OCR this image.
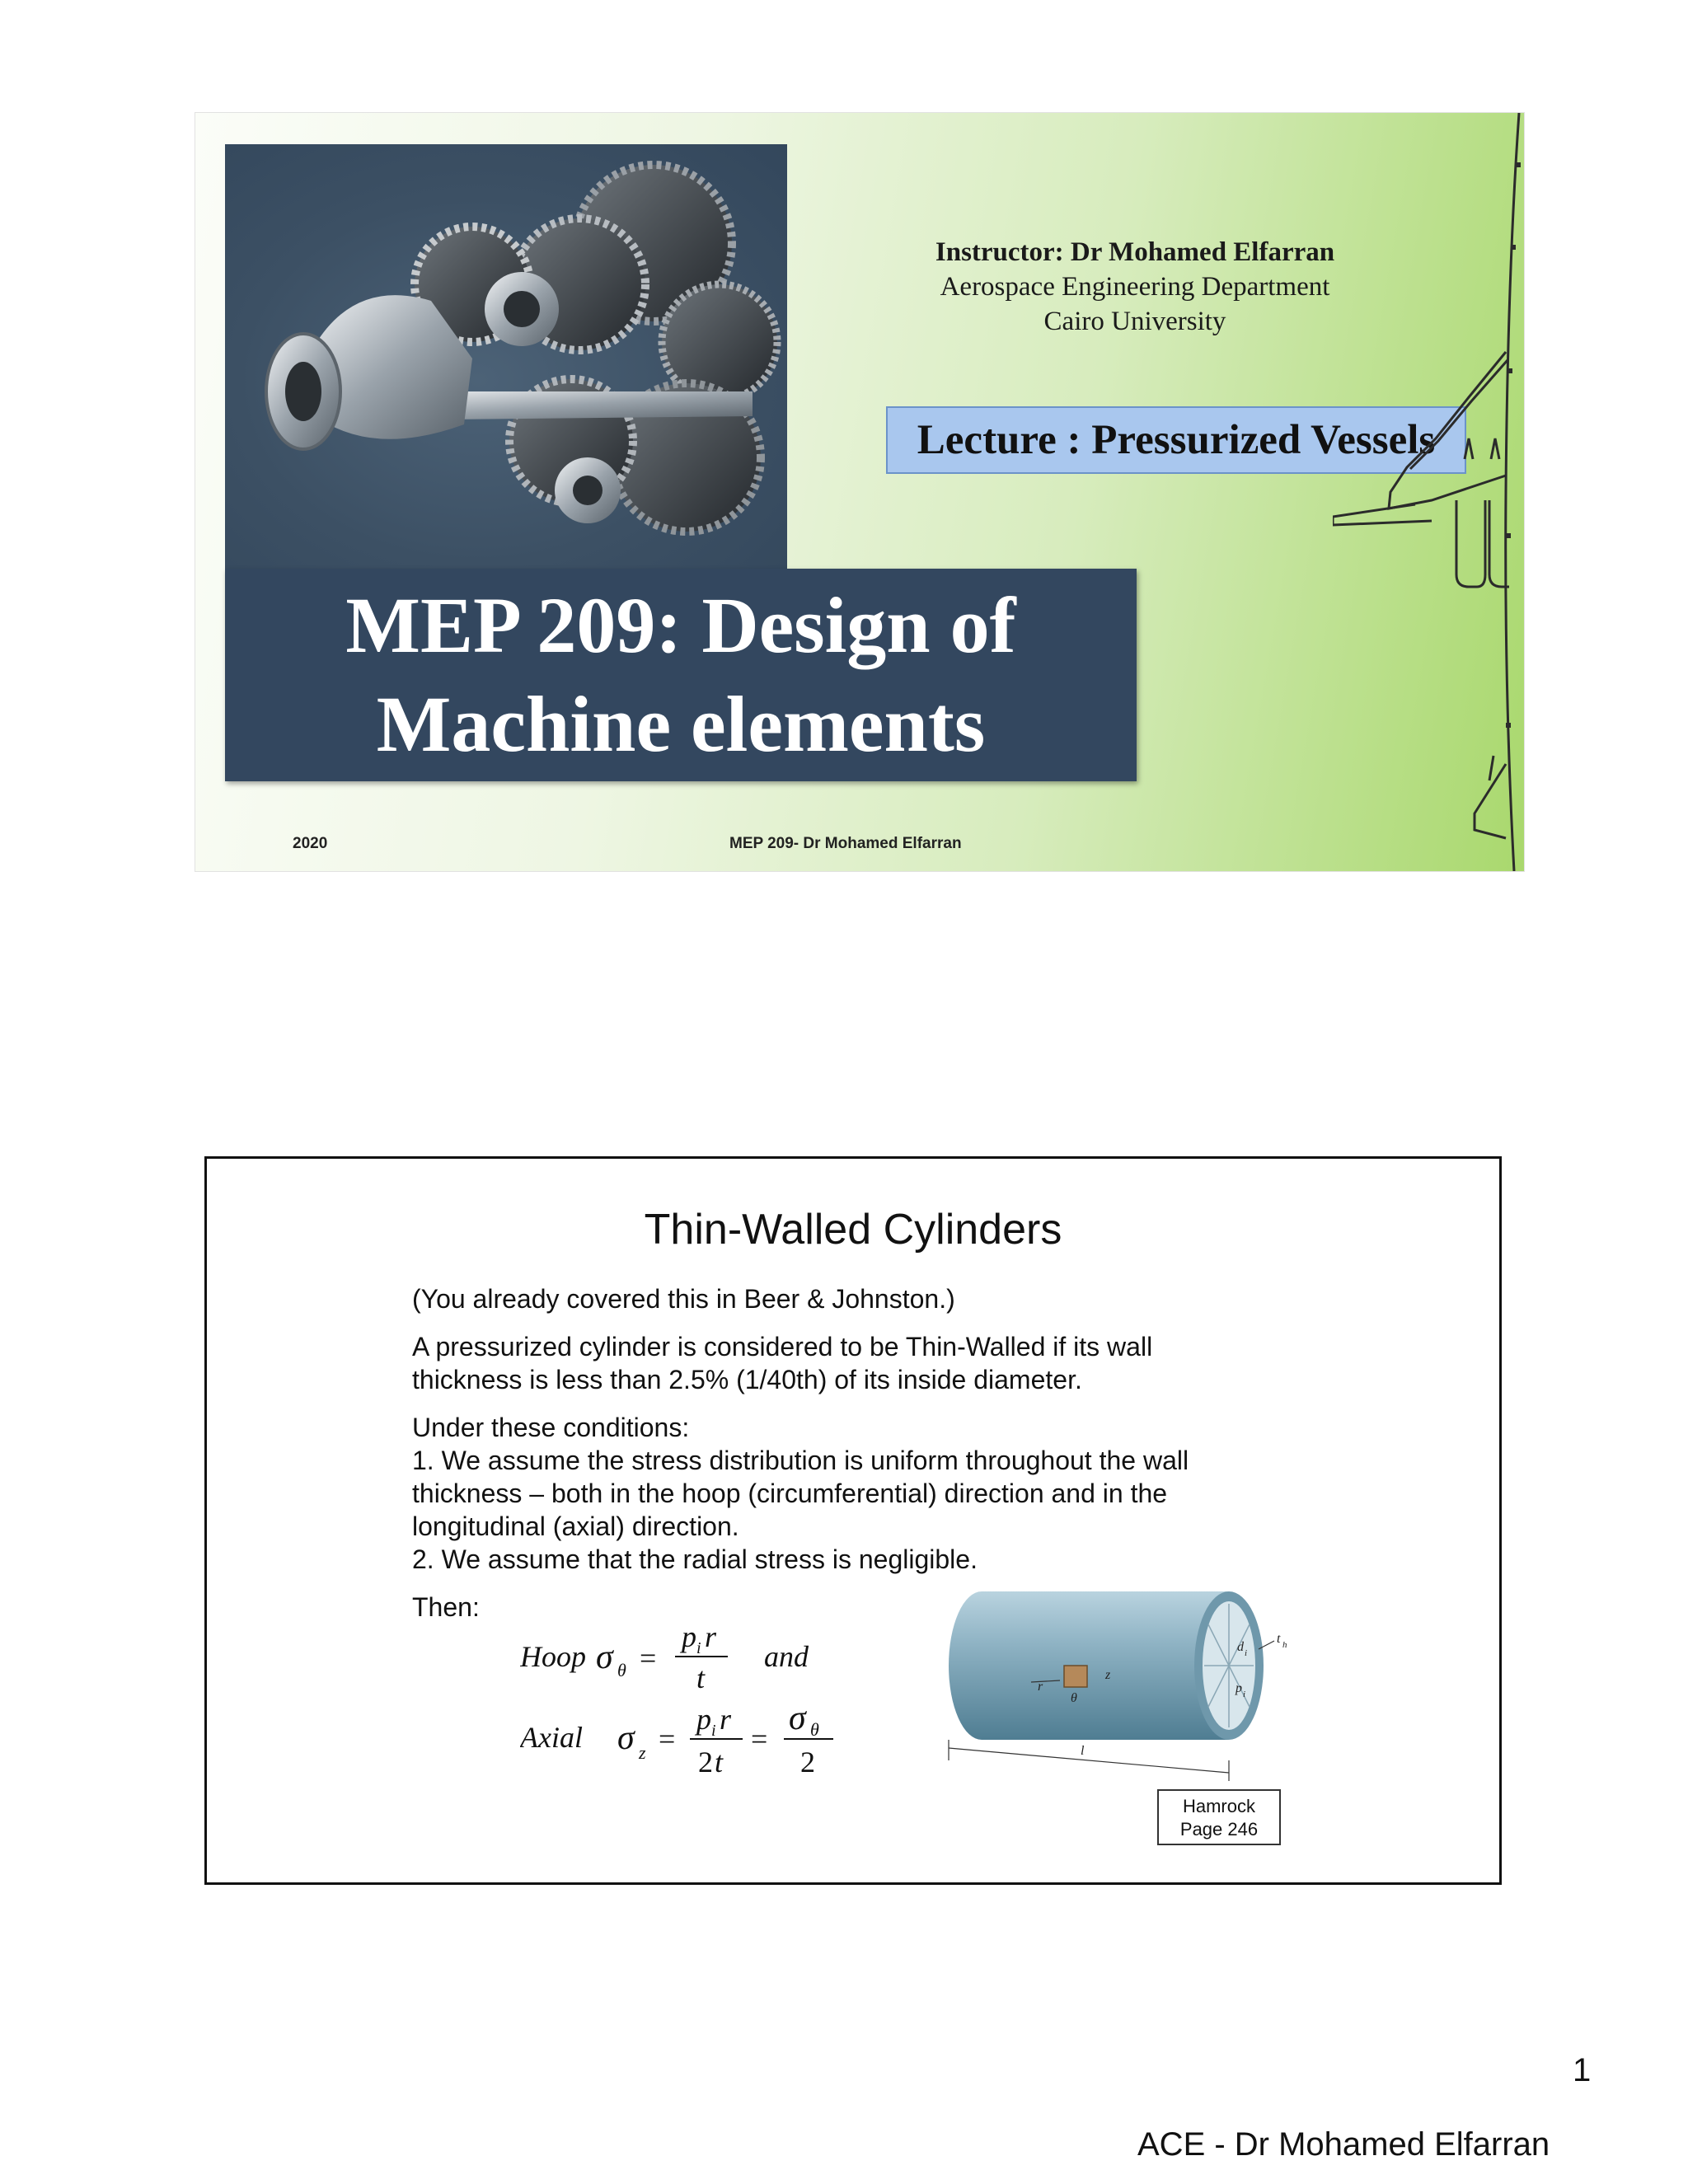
Instructor: Dr Mohamed Elfarran
Aerospace Engineering Department
Cairo University
Lecture : Pressurized Vessels
MEP 209: Design of
Machine elements
2020	MEP 209- Dr Mohamed Elfarran
Thin-Walled Cylinders

(You already covered this in Beer & Johnston.)

A pressurized cylinder is considered to be Thin-Walled if its wall thickness is less than 2.5% (1/40th) of its inside diameter.

Under these conditions:
1. We assume the stress distribution is uniform throughout the wall thickness – both in the hoop (circumferential) direction and in the longitudinal (axial) direction.
2. We assume that the radial stress is negligible.

Then:

Hoop σ θ =
p i r
t
and
Axial σ z =
p i r
2 t
=
σ θ
2
t h
d i
p i
r
θ
z
l
Hamrock
Page 246
1
ACE - Dr Mohamed Elfarran
